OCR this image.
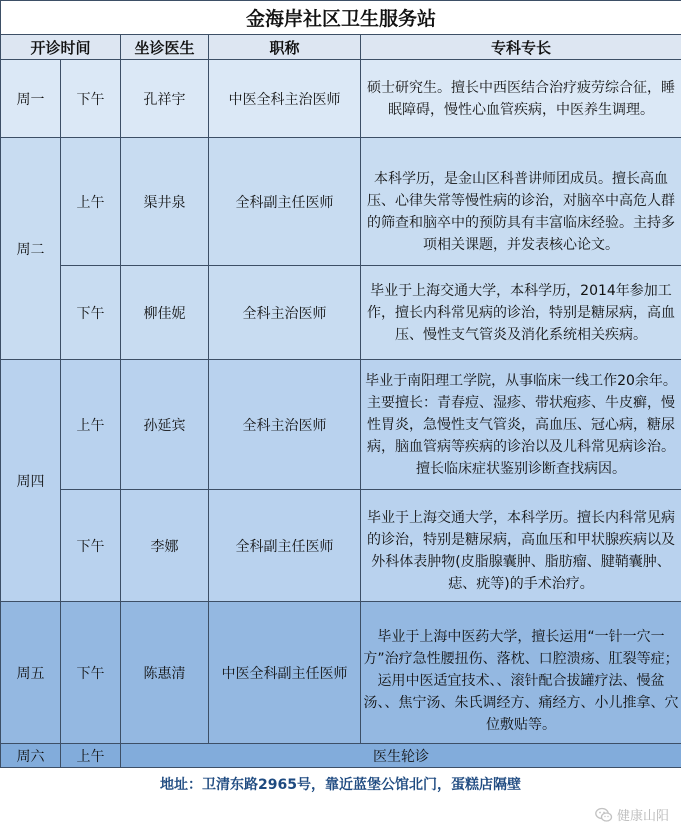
金海岸社区卫生服务站				
开诊时间		坐诊医生	职称	专科专长
周一	下午	孔祥宇	中医全科主治医师	硕士研究生。擅长中西医结合治疗疲劳综合征，睡眠障碍，慢性心血管疾病，中医养生调理。
周二	上午	渠井泉	全科副主任医师	本科学历，是金山区科普讲师团成员。擅长高血压、心律失常等慢性病的诊治，对脑卒中高危人群的筛查和脑卒中的预防具有丰富临床经验。主持多项相关课题，并发表核心论文。
	下午	柳佳妮	全科主治医师	毕业于上海交通大学，本科学历，2014年参加工作，擅长内科常见病的诊治，特别是糖尿病，高血压、慢性支气管炎及消化系统相关疾病。
周四	上午	孙延宾	全科主治医师	毕业于南阳理工学院，从事临床一线工作20余年。主要擅长：青春痘、湿疹、带状疱疹、牛皮癣，慢性胃炎，急慢性支气管炎，高血压、冠心病，糖尿病，脑血管病等疾病的诊治以及儿科常见病诊治。擅长临床症状鉴别诊断查找病因。
	下午	李娜	全科副主任医师	毕业于上海交通大学，本科学历。擅长内科常见病的诊治，特别是糖尿病，高血压和甲状腺疾病以及外科体表肿物(皮脂腺囊肿、脂肪瘤、腱鞘囊肿、痣、疣等)的手术治疗。
周五	下午	陈惠清	中医全科副主任医师	毕业于上海中医药大学，擅长运用“一针一穴一方”治疗急性腰扭伤、落枕、口腔溃疡、肛裂等症；运用中医适宜技术、、滚针配合拔罐疗法、慢盆汤、、焦宁汤、朱氏调经方、痛经方、小儿推拿、穴位敷贴等。
周六	上午	医生轮诊		
地址：卫清东路2965号，靠近蓝堡公馆北门，蛋糕店隔壁
健康山阳
